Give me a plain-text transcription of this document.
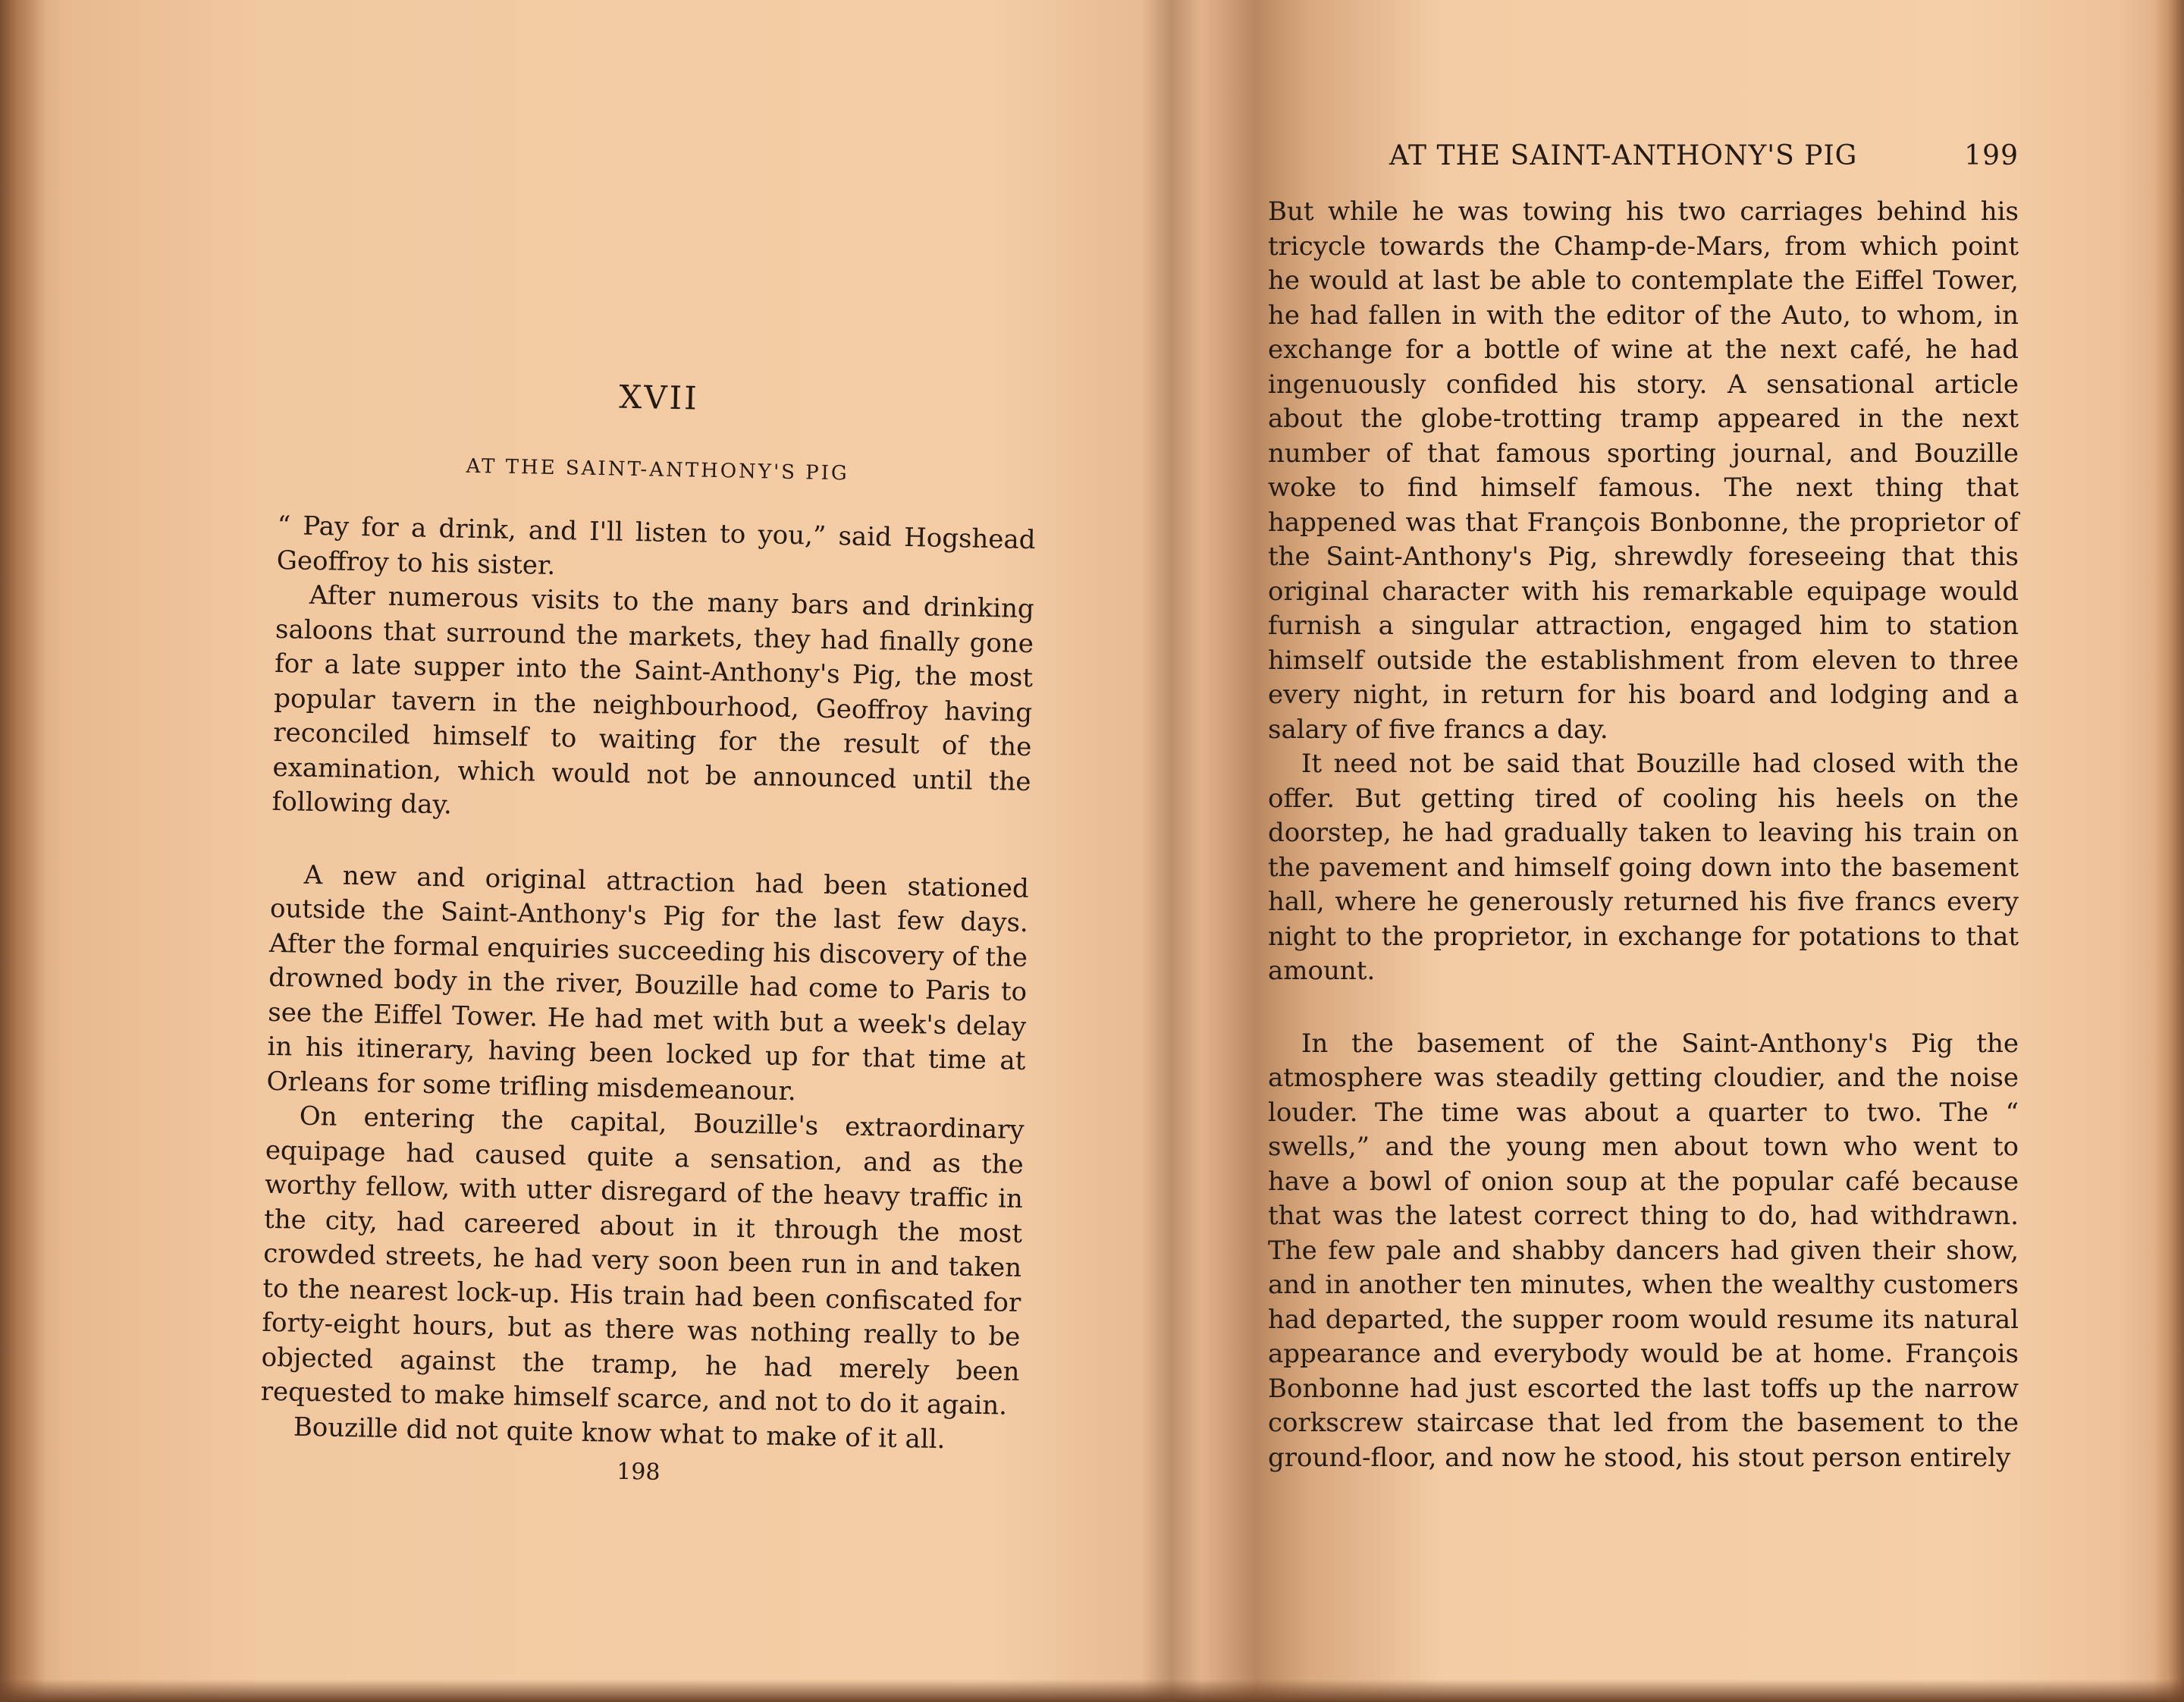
XVII
AT THE SAINT-ANTHONY'S PIG

“ Pay for a drink, and I'll listen to you,” said Hogshead Geoffroy to his sister.

After numerous visits to the many bars and drinking saloons that surround the markets, they had finally gone for a late supper into the Saint-Anthony's Pig, the most popular tavern in the neighbourhood, Geoffroy having reconciled himself to waiting for the result of the examination, which would not be announced until the following day.

A new and original attraction had been stationed outside the Saint-Anthony's Pig for the last few days. After the formal enquiries succeeding his discovery of the drowned body in the river, Bouzille had come to Paris to see the Eiffel Tower. He had met with but a week's delay in his itinerary, having been locked up for that time at Orleans for some trifling misdemeanour.

On entering the capital, Bouzille's extraordinary equipage had caused quite a sensation, and as the worthy fellow, with utter disregard of the heavy traffic in the city, had careered about in it through the most crowded streets, he had very soon been run in and taken to the nearest lock-up. His train had been confiscated for forty-eight hours, but as there was nothing really to be objected against the tramp, he had merely been requested to make himself scarce, and not to do it again.

Bouzille did not quite know what to make of it all.

198
AT THE SAINT-ANTHONY'S PIG	199

But while he was towing his two carriages behind his tricycle towards the Champ-de-Mars, from which point he would at last be able to contemplate the Eiffel Tower, he had fallen in with the editor of the Auto, to whom, in exchange for a bottle of wine at the next café, he had ingenuously confided his story. A sensational article about the globe-trotting tramp appeared in the next number of that famous sporting journal, and Bouzille woke to find himself famous. The next thing that happened was that François Bonbonne, the proprietor of the Saint-Anthony's Pig, shrewdly foreseeing that this original character with his remarkable equipage would furnish a singular attraction, engaged him to station himself outside the establishment from eleven to three every night, in return for his board and lodging and a salary of five francs a day.

It need not be said that Bouzille had closed with the offer. But getting tired of cooling his heels on the doorstep, he had gradually taken to leaving his train on the pavement and himself going down into the basement hall, where he generously returned his five francs every night to the proprietor, in exchange for potations to that amount.

In the basement of the Saint-Anthony's Pig the atmosphere was steadily getting cloudier, and the noise louder. The time was about a quarter to two. The “ swells,” and the young men about town who went to have a bowl of onion soup at the popular café because that was the latest correct thing to do, had withdrawn. The few pale and shabby dancers had given their show, and in another ten minutes, when the wealthy customers had departed, the supper room would resume its natural appearance and everybody would be at home. François Bonbonne had just escorted the last toffs up the narrow corkscrew staircase that led from the basement to the ground-floor, and now he stood, his stout person entirely
